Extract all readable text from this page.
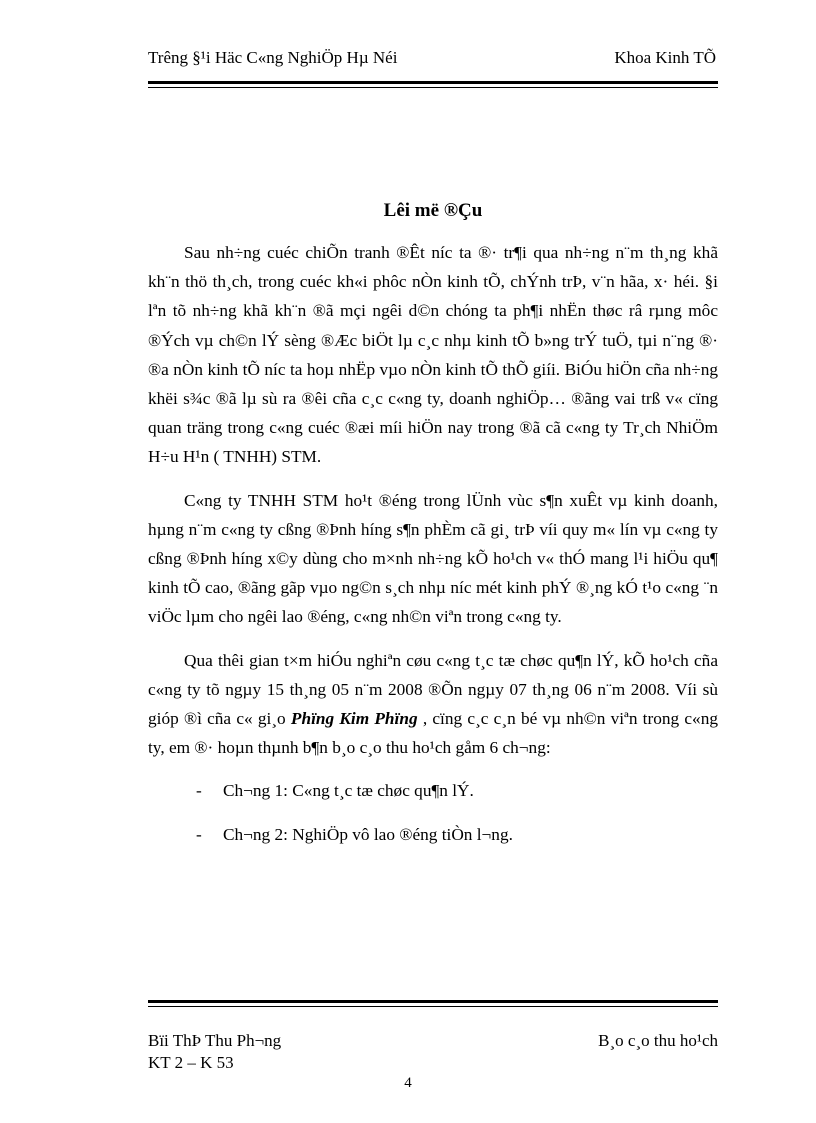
Trêng §¹i Häc C«ng NghiÖp Hµ Néi	Khoa Kinh TÕ
Lêi më ®Çu

Sau nh÷ng cuéc chiÕn tranh ®Êt níc ta ®· tr¶i qua nh÷ng n¨m th¸ng khã kh¨n thö th¸ch, trong cuéc kh«i phôc nÒn kinh tÕ, chÝnh trÞ, v¨n hãa, x· héi. §i lªn tõ nh÷ng khã kh¨n ®ã mçi ngêi d©n chóng ta ph¶i nhËn thøc râ rµng môc ®Ých vµ ch©n lÝ sèng ®Æc biÖt lµ c¸c nhµ kinh tÕ b»ng trÝ tuÖ, tµi n¨ng ®· ®a nÒn kinh tÕ níc ta hoµ nhËp vµo nÒn kinh tÕ thÕ giíi. BiÓu hiÖn cña nh÷ng khëi s¾c ®ã lµ sù ra ®êi cña c¸c c«ng ty, doanh nghiÖp… ®ãng vai trß v« cïng quan träng trong c«ng cuéc ®æi míi hiÖn nay trong ®ã cã c«ng ty Tr¸ch NhiÖm H÷u H¹n ( TNHH) STM.

C«ng ty TNHH STM ho¹t ®éng trong lÜnh vùc s¶n xuÊt vµ kinh doanh, hµng n¨m c«ng ty cßng ®Þnh híng s¶n phÈm cã gi¸ trÞ víi quy m« lín vµ c«ng ty cßng ®Þnh híng x©y dùng cho m×nh nh÷ng kÕ ho¹ch v« thÓ mang l¹i hiÖu qu¶ kinh tÕ cao, ®ãng gãp vµo ng©n s¸ch nhµ níc mét kinh phÝ ®¸ng kÓ t¹o c«ng ¨n viÖc lµm cho ngêi lao ®éng, c«ng nh©n viªn trong c«ng ty.

Qua thêi gian t×m hiÓu nghiªn cøu c«ng t¸c tæ chøc qu¶n lÝ, kÕ ho¹ch cña c«ng ty tõ ngµy 15 th¸ng 05 n¨m 2008 ®Õn ngµy 07 th¸ng 06 n¨m 2008. Víi sù gióp ®ì cña c« gi¸o Phïng Kim Phïng , cïng c¸c c¸n bé vµ nh©n viªn trong c«ng ty, em ®· hoµn thµnh b¶n b¸o c¸o thu ho¹ch gåm 6 ch¬ng:

- Ch¬ng 1: C«ng t¸c tæ chøc qu¶n lÝ.
- Ch¬ng 2: NghiÖp vô lao ®éng tiÒn l¬ng.
Bïi ThÞ Thu Ph¬ng
KT 2 – K 53
B¸o c¸o thu ho¹ch
4
